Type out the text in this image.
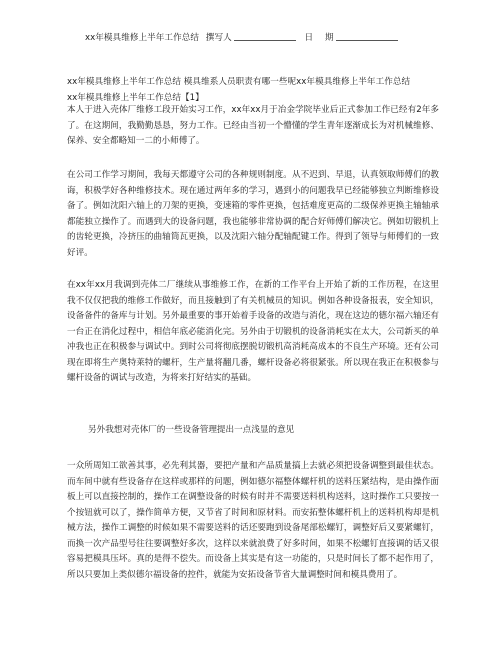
xx年模具维修上半年工作总结 撰写人	日 期
xx年模具维修上半年工作总结 模具维系人员职责有哪一些呢xx年模具维修上半年工作总结
xx年模具维修上半年工作总结【1】
本人于进入壳体厂维修工段开始实习工作，xx年xx月于冶金学院毕业后正式参加工作已经有2年多了。在这期间，我勤勤恳恳，努力工作。已经由当初一个懵懂的学生青年逐渐成长为对机械维修、保养、安全都略知一二的小师傅了。
在公司工作学习期间，我每天都遵守公司的各种规则制度。从不迟到、早退，认真领取师傅们的教诲，积极学好各种维修技术。现在通过两年多的学习，遇到小的问题我早已经能够独立判断维修设备了。例如沈阳六轴上的刀架的更换，变速箱的零件更换，包括难度更高的二级保养更换主轴轴承都能独立操作了。而遇到大的设备问题，我也能够非常协调的配合好师傅们解决它。例如切锻机上的齿轮更换，冷挤压的曲轴筒瓦更换，以及沈阳六轴分配轴配键工作。得到了领导与师傅们的一致好评。
在xx年xx月我调到壳体二厂继续从事维修工作，在新的工作平台上开始了新的工作历程，在这里我不仅仅把我的维修工作做好，而且接触到了有关机械员的知识。例如各种设备报表，安全知识，设备备件的备库与计划。另外最重要的事开始着手设备的改造与消化，现在这边的德尔福六轴还有一台正在消化过程中，相信年底必能消化完。另外由于切锻机的设备消耗实在太大，公司新买的单冲我也正在积极参与调试中。到时公司将彻底摆脱切锻机高消耗高成本的不良生产环境。还有公司现在即将生产奥特莱特的螺杆，生产量将翻几番，螺杆设备必将很紧张。所以现在我正在积极参与螺杆设备的调试与改造，为将来打好结实的基础。
另外我想对壳体厂的一些设备管理提出一点浅显的意见
一众所周知工欲善其事，必先利其器，要把产量和产品质量搞上去就必须把设备调整到最佳状态。而车间中就有些设备存在这样或那样的问题，例如德尔福整体螺杆机的送料压紧结构，是由操作面板上可以直接控制的，操作工在调整设备的时候有时并不需要送料机构送料，这时操作工只要按一个按钮就可以了，操作简单方便，又节省了时间和原材料。而安拓整体螺杆机上的送料机构却是机械方法，操作工调整的时候如果不需要送料的话还要跑到设备尾部松螺钉，调整好后又要紧螺钉，而换一次产品型号往往要调整好多次，这样以来就浪费了好多时间，如果不松螺钉直接调的话又很容易把模具压坏。真的是得不偿失。而设备上其实是有这一功能的，只是时间长了都不起作用了，所以只要加上类似德尔福设备的控件，就能为安拓设备节省大量调整时间和模具费用了。
